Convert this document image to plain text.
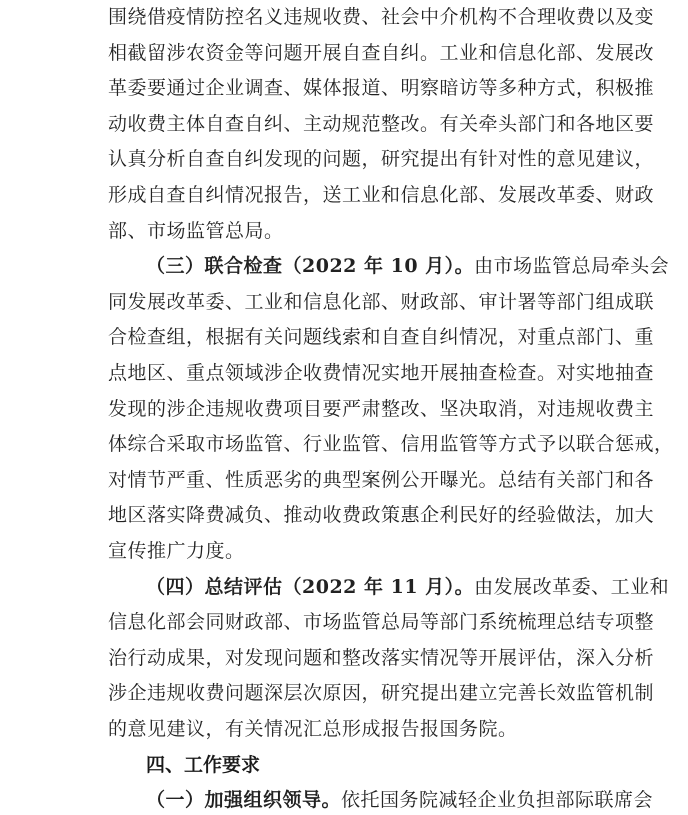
围绕借疫情防控名义违规收费、社会中介机构不合理收费以及变
相截留涉农资金等问题开展自查自纠。工业和信息化部、发展改
革委要通过企业调查、媒体报道、明察暗访等多种方式，积极推
动收费主体自查自纠、主动规范整改。有关牵头部门和各地区要
认真分析自查自纠发现的问题，研究提出有针对性的意见建议，
形成自查自纠情况报告，送工业和信息化部、发展改革委、财政
部、市场监管总局。
（三）联合检查（2022 年 10 月）。由市场监管总局牵头会
同发展改革委、工业和信息化部、财政部、审计署等部门组成联
合检查组，根据有关问题线索和自查自纠情况，对重点部门、重
点地区、重点领域涉企收费情况实地开展抽查检查。对实地抽查
发现的涉企违规收费项目要严肃整改、坚决取消，对违规收费主
体综合采取市场监管、行业监管、信用监管等方式予以联合惩戒，
对情节严重、性质恶劣的典型案例公开曝光。总结有关部门和各
地区落实降费减负、推动收费政策惠企利民好的经验做法，加大
宣传推广力度。
（四）总结评估（2022 年 11 月）。由发展改革委、工业和
信息化部会同财政部、市场监管总局等部门系统梳理总结专项整
治行动成果，对发现问题和整改落实情况等开展评估，深入分析
涉企违规收费问题深层次原因，研究提出建立完善长效监管机制
的意见建议，有关情况汇总形成报告报国务院。
四、工作要求
（一）加强组织领导。依托国务院减轻企业负担部际联席会
